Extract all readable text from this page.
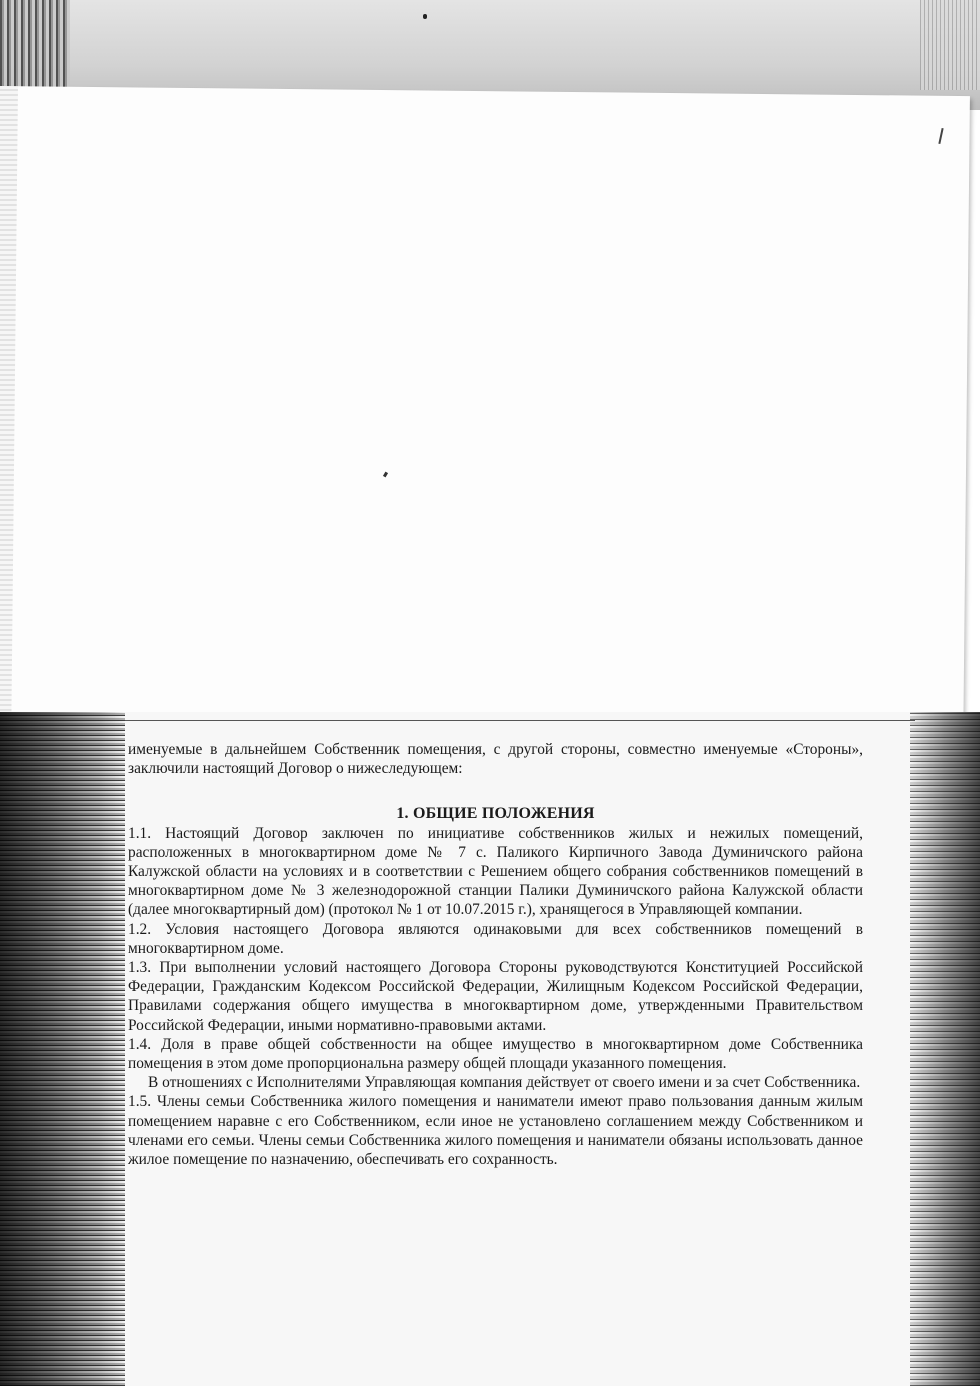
именуемые в дальнейшем Собственник помещения, с другой стороны, совместно именуемые «Стороны», заключили настоящий Договор о нижеследующем:

1. ОБЩИЕ ПОЛОЖЕНИЯ

1.1. Настоящий Договор заключен по инициативе собственников жилых и нежилых помещений, расположенных в многоквартирном доме № 7 с. Паликого Кирпичного Завода Думиничского района Калужской области на условиях и в соответствии с Решением общего собрания собственников помещений в многоквартирном доме № 3 железнодорожной станции Палики Думиничского района Калужской области (далее многоквартирный дом) (протокол № 1 от 10.07.2015 г.), хранящегося в Управляющей компании.

1.2. Условия настоящего Договора являются одинаковыми для всех собственников помещений в многоквартирном доме.

1.3. При выполнении условий настоящего Договора Стороны руководствуются Конституцией Российской Федерации, Гражданским Кодексом Российской Федерации, Жилищным Кодексом Российской Федерации, Правилами содержания общего имущества в многоквартирном доме, утвержденными Правительством Российской Федерации, иными нормативно-правовыми актами.

1.4. Доля в праве общей собственности на общее имущество в многоквартирном доме Собственника помещения в этом доме пропорциональна размеру общей площади указанного помещения.

В отношениях с Исполнителями Управляющая компания действует от своего имени и за счет Собственника.

1.5. Члены семьи Собственника жилого помещения и наниматели имеют право пользования данным жилым помещением наравне с его Собственником, если иное не установлено соглашением между Собственником и членами его семьи. Члены семьи Собственника жилого помещения и наниматели обязаны использовать данное жилое помещение по назначению, обеспечивать его сохранность.
